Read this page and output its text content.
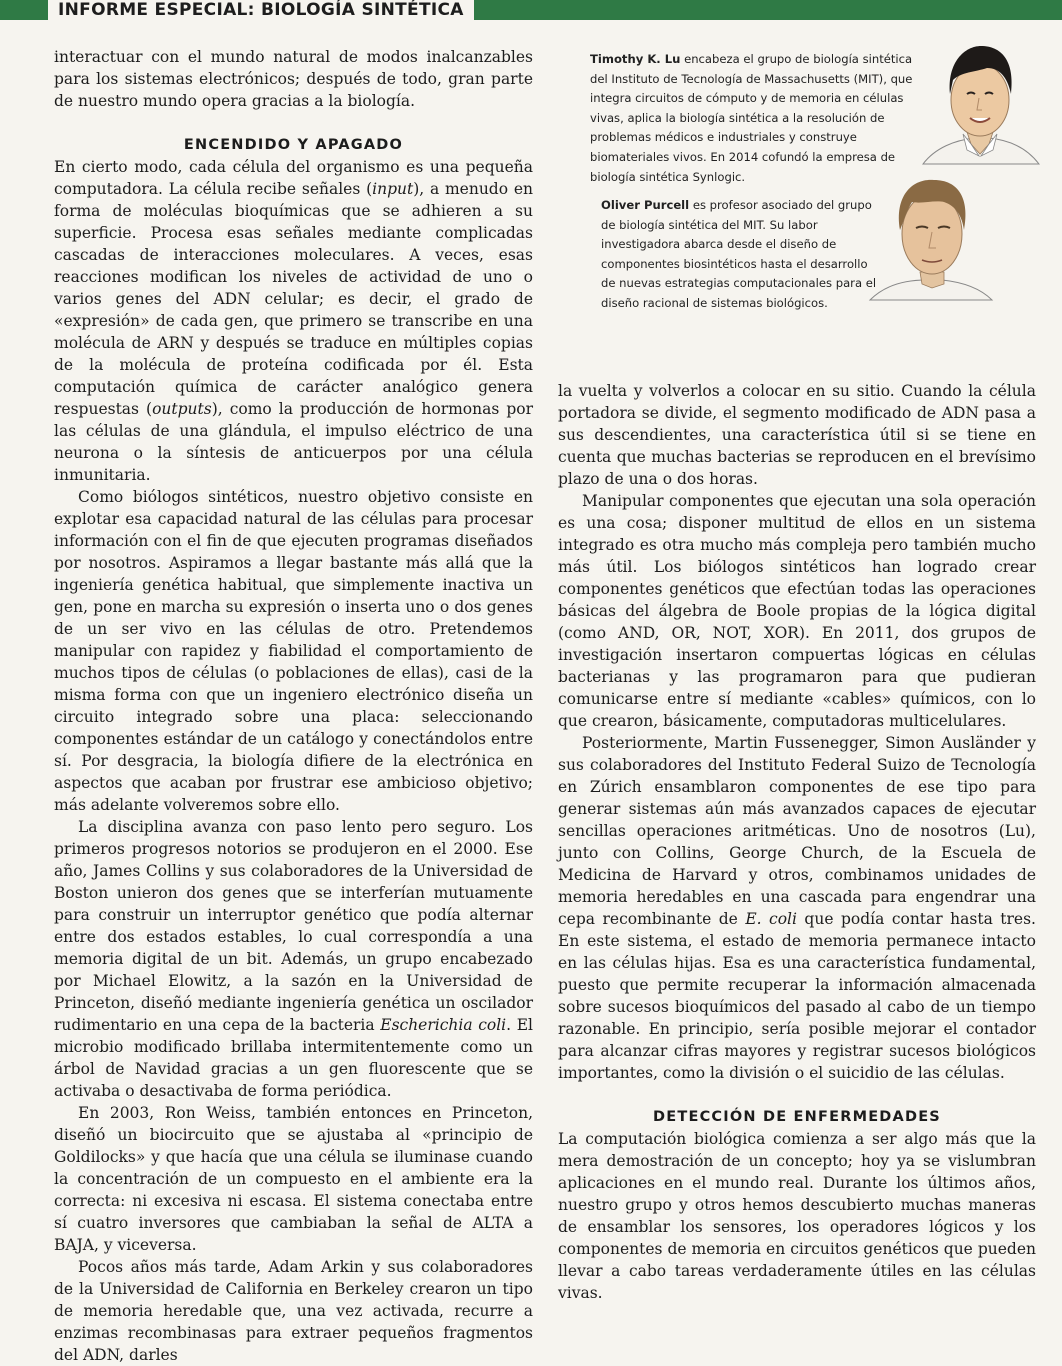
INFORME ESPECIAL: BIOLOGÍA SINTÉTICA
Timothy K. Lu encabeza el grupo de biología sintética del Instituto de Tecnología de Massachusetts (MIT), que integra circuitos de cómputo y de memoria en células vivas, aplica la biología sintética a la resolución de problemas médicos e industriales y construye biomateriales vivos. En 2014 cofundó la empresa de biología sintética Synlogic.
Oliver Purcell es profesor asociado del grupo de biología sintética del MIT. Su labor investigadora abarca desde el diseño de componentes biosintéticos hasta el desarrollo de nuevas estrategias computacionales para el diseño racional de sistemas biológicos.

interactuar con el mundo natural de modos inalcanzables para los sistemas electrónicos; después de todo, gran parte de nuestro mundo opera gracias a la biología.

ENCENDIDO Y APAGADO

En cierto modo, cada célula del organismo es una pequeña computadora. La célula recibe señales (input), a menudo en forma de moléculas bioquímicas que se adhieren a su superficie. Procesa esas señales mediante complicadas cascadas de interacciones moleculares. A veces, esas reacciones modifican los niveles de actividad de uno o varios genes del ADN celular; es decir, el grado de «expresión» de cada gen, que primero se transcribe en una molécula de ARN y después se traduce en múltiples copias de la molécula de proteína codificada por él. Esta computación química de carácter analógico genera respuestas (outputs), como la producción de hormonas por las células de una glándula, el impulso eléctrico de una neurona o la síntesis de anticuerpos por una célula inmunitaria.

Como biólogos sintéticos, nuestro objetivo consiste en explotar esa capacidad natural de las células para procesar información con el fin de que ejecuten programas diseñados por nosotros. Aspiramos a llegar bastante más allá que la ingeniería genética habitual, que simplemente inactiva un gen, pone en marcha su expresión o inserta uno o dos genes de un ser vivo en las células de otro. Pretendemos manipular con rapidez y fiabilidad el comportamiento de muchos tipos de células (o poblaciones de ellas), casi de la misma forma con que un ingeniero electrónico diseña un circuito integrado sobre una placa: seleccionando componentes estándar de un catálogo y conectándolos entre sí. Por desgracia, la biología difiere de la electrónica en aspectos que acaban por frustrar ese ambicioso objetivo; más adelante volveremos sobre ello.

La disciplina avanza con paso lento pero seguro. Los primeros progresos notorios se produjeron en el 2000. Ese año, James Collins y sus colaboradores de la Universidad de Boston unieron dos genes que se interferían mutuamente para construir un interruptor genético que podía alternar entre dos estados estables, lo cual correspondía a una memoria digital de un bit. Además, un grupo encabezado por Michael Elowitz, a la sazón en la Universidad de Princeton, diseñó mediante ingeniería genética un oscilador rudimentario en una cepa de la bacteria Escherichia coli. El microbio modificado brillaba intermitentemente como un árbol de Navidad gracias a un gen fluorescente que se activaba o desactivaba de forma periódica.

En 2003, Ron Weiss, también entonces en Princeton, diseñó un biocircuito que se ajustaba al «principio de Goldilocks» y que hacía que una célula se iluminase cuando la concentración de un compuesto en el ambiente era la correcta: ni excesiva ni escasa. El sistema conectaba entre sí cuatro inversores que cambiaban la señal de ALTA a BAJA, y viceversa.

Pocos años más tarde, Adam Arkin y sus colaboradores de la Universidad de California en Berkeley crearon un tipo de memoria heredable que, una vez activada, recurre a enzimas recombinasas para extraer pequeños fragmentos del ADN, darles

la vuelta y volverlos a colocar en su sitio. Cuando la célula portadora se divide, el segmento modificado de ADN pasa a sus descendientes, una característica útil si se tiene en cuenta que muchas bacterias se reproducen en el brevísimo plazo de una o dos horas.

Manipular componentes que ejecutan una sola operación es una cosa; disponer multitud de ellos en un sistema integrado es otra mucho más compleja pero también mucho más útil. Los biólogos sintéticos han logrado crear componentes genéticos que efectúan todas las operaciones básicas del álgebra de Boole propias de la lógica digital (como AND, OR, NOT, XOR). En 2011, dos grupos de investigación insertaron compuertas lógicas en células bacterianas y las programaron para que pudieran comunicarse entre sí mediante «cables» químicos, con lo que crearon, básicamente, computadoras multicelulares.

Posteriormente, Martin Fussenegger, Simon Ausländer y sus colaboradores del Instituto Federal Suizo de Tecnología en Zúrich ensamblaron componentes de ese tipo para generar sistemas aún más avanzados capaces de ejecutar sencillas operaciones aritméticas. Uno de nosotros (Lu), junto con Collins, George Church, de la Escuela de Medicina de Harvard y otros, combinamos unidades de memoria heredables en una cascada para engendrar una cepa recombinante de E. coli que podía contar hasta tres. En este sistema, el estado de memoria permanece intacto en las células hijas. Esa es una característica fundamental, puesto que permite recuperar la información almacenada sobre sucesos bioquímicos del pasado al cabo de un tiempo razonable. En principio, sería posible mejorar el contador para alcanzar cifras mayores y registrar sucesos biológicos importantes, como la división o el suicidio de las células.

DETECCIÓN DE ENFERMEDADES

La computación biológica comienza a ser algo más que la mera demostración de un concepto; hoy ya se vislumbran aplicaciones en el mundo real. Durante los últimos años, nuestro grupo y otros hemos descubierto muchas maneras de ensamblar los sensores, los operadores lógicos y los componentes de memoria en circuitos genéticos que pueden llevar a cabo tareas verdaderamente útiles en las células vivas.
